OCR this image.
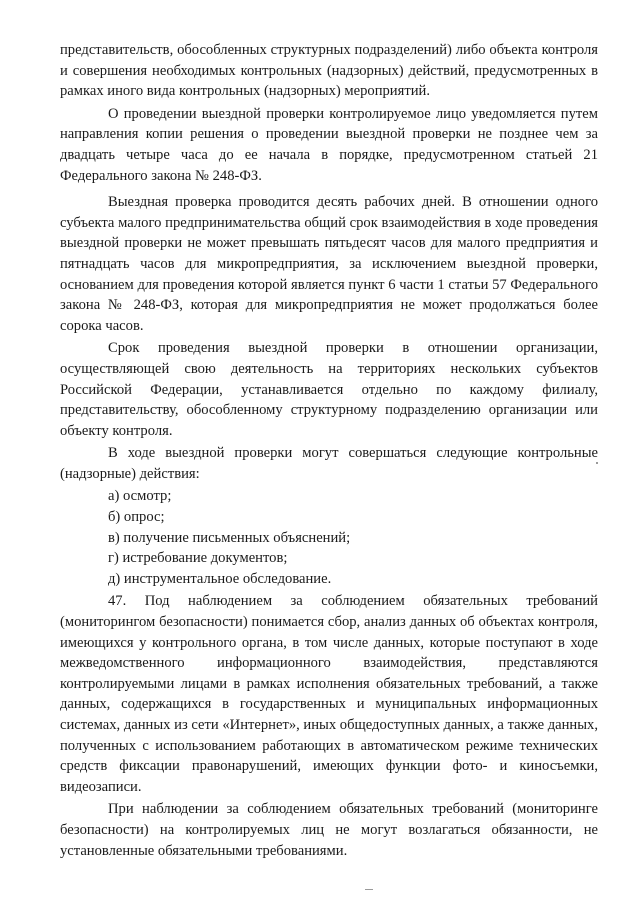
представительств, обособленных структурных подразделений) либо объекта контроля и совершения необходимых контрольных (надзорных) действий, предусмотренных в рамках иного вида контрольных (надзорных) мероприятий.

О проведении выездной проверки контролируемое лицо уведомляется путем направления копии решения о проведении выездной проверки не позднее чем за двадцать четыре часа до ее начала в порядке, предусмотренном статьей 21 Федерального закона № 248-ФЗ.

Выездная проверка проводится десять рабочих дней. В отношении одного субъекта малого предпринимательства общий срок взаимодействия в ходе проведения выездной проверки не может превышать пятьдесят часов для малого предприятия и пятнадцать часов для микропредприятия, за исключением выездной проверки, основанием для проведения которой является пункт 6 части 1 статьи 57 Федерального закона № 248-ФЗ, которая для микропредприятия не может продолжаться более сорока часов.

Срок проведения выездной проверки в отношении организации, осуществляющей свою деятельность на территориях нескольких субъектов Российской Федерации, устанавливается отдельно по каждому филиалу, представительству, обособленному структурному подразделению организации или объекту контроля.

В ходе выездной проверки могут совершаться следующие контрольные (надзорные) действия:

а) осмотр;

б) опрос;

в) получение письменных объяснений;

г) истребование документов;

д) инструментальное обследование.

47. Под наблюдением за соблюдением обязательных требований (мониторингом безопасности) понимается сбор, анализ данных об объектах контроля, имеющихся у контрольного органа, в том числе данных, которые поступают в ходе межведомственного информационного взаимодействия, представляются контролируемыми лицами в рамках исполнения обязательных требований, а также данных, содержащихся в государственных и муниципальных информационных системах, данных из сети «Интернет», иных общедоступных данных, а также данных, полученных с использованием работающих в автоматическом режиме технических средств фиксации правонарушений, имеющих функции фото- и киносъемки, видеозаписи.

При наблюдении за соблюдением обязательных требований (мониторинге безопасности) на контролируемых лиц не могут возлагаться обязанности, не установленные обязательными требованиями.
